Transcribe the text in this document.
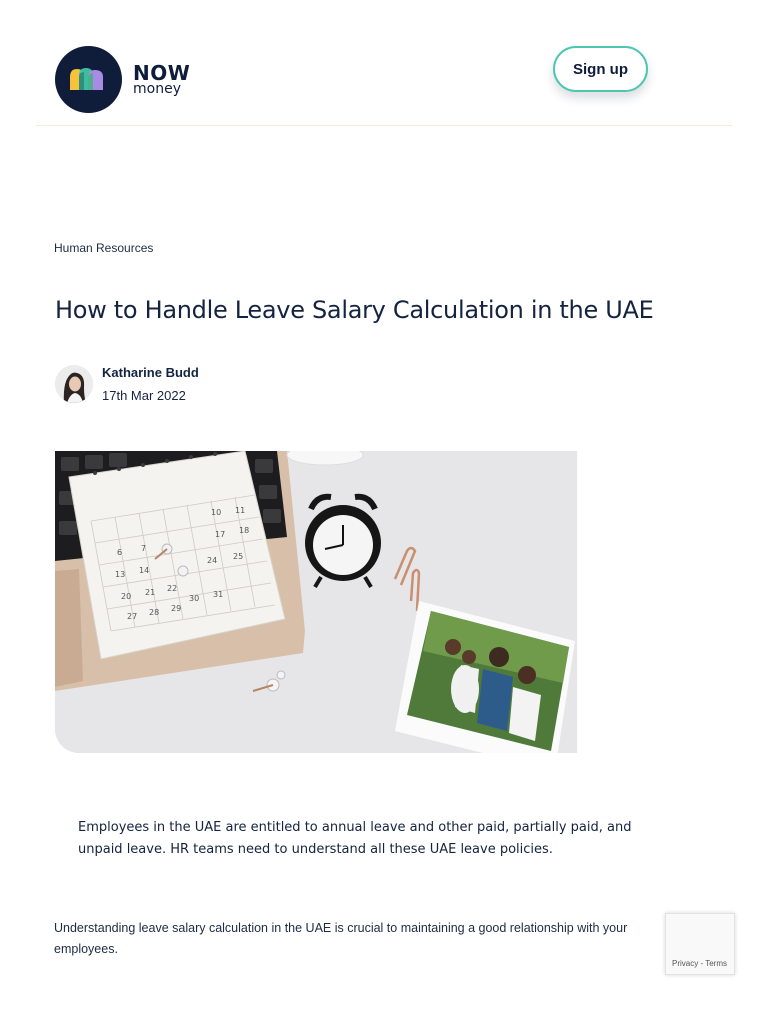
NOW
money
Sign up
Human Resources
How to Handle Leave Salary Calculation in the UAE
Katharine Budd
17th Mar 2022
10 11
6 7
17 18
13 14
24 25
20 21 22
30 31
27 28 29

Employees in the UAE are entitled to annual leave and other paid, partially paid, and unpaid leave. HR teams need to understand all these UAE leave policies.

Understanding leave salary calculation in the UAE is crucial to maintaining a good relationship with your employees.

Privacy - Terms
